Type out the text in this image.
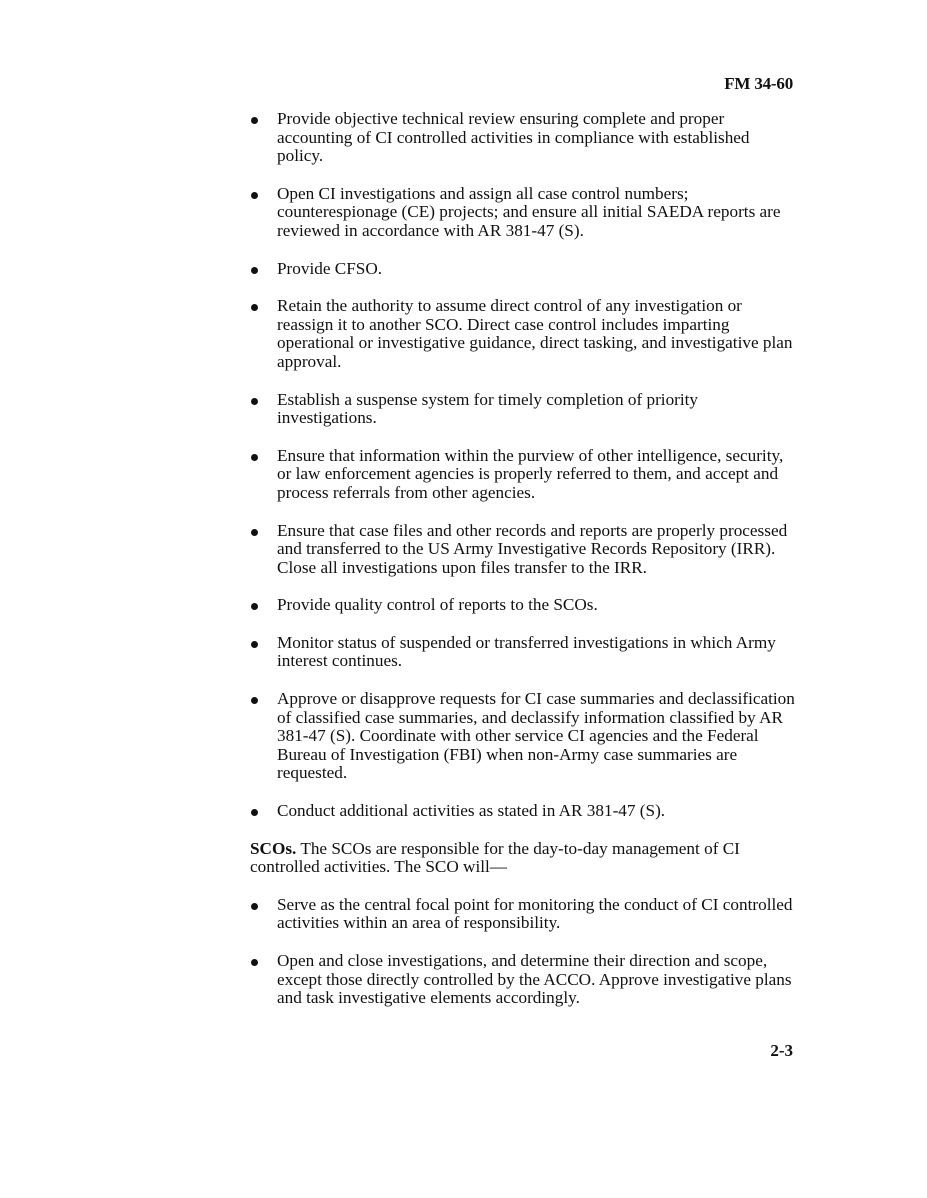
FM 34-60
Provide objective technical review ensuring complete and proper accounting of CI controlled activities in compliance with established policy.
Open CI investigations and assign all case control numbers; counterespionage (CE) projects; and ensure all initial SAEDA reports are reviewed in accordance with AR 381-47 (S).
Provide CFSO.
Retain the authority to assume direct control of any investigation or reassign it to another SCO. Direct case control includes imparting operational or investigative guidance, direct tasking, and investigative plan approval.
Establish a suspense system for timely completion of priority investigations.
Ensure that information within the purview of other intelligence, security, or law enforcement agencies is properly referred to them, and accept and process referrals from other agencies.
Ensure that case files and other records and reports are properly processed and transferred to the US Army Investigative Records Repository (IRR). Close all investigations upon files transfer to the IRR.
Provide quality control of reports to the SCOs.
Monitor status of suspended or transferred investigations in which Army interest continues.
Approve or disapprove requests for CI case summaries and declassification of classified case summaries, and declassify information classified by AR 381-47 (S). Coordinate with other service CI agencies and the Federal Bureau of Investigation (FBI) when non-Army case summaries are requested.
Conduct additional activities as stated in AR 381-47 (S).

SCOs. The SCOs are responsible for the day-to-day management of CI controlled activities. The SCO will—

Serve as the central focal point for monitoring the conduct of CI controlled activities within an area of responsibility.
Open and close investigations, and determine their direction and scope, except those directly controlled by the ACCO. Approve investigative plans and task investigative elements accordingly.
2-3
